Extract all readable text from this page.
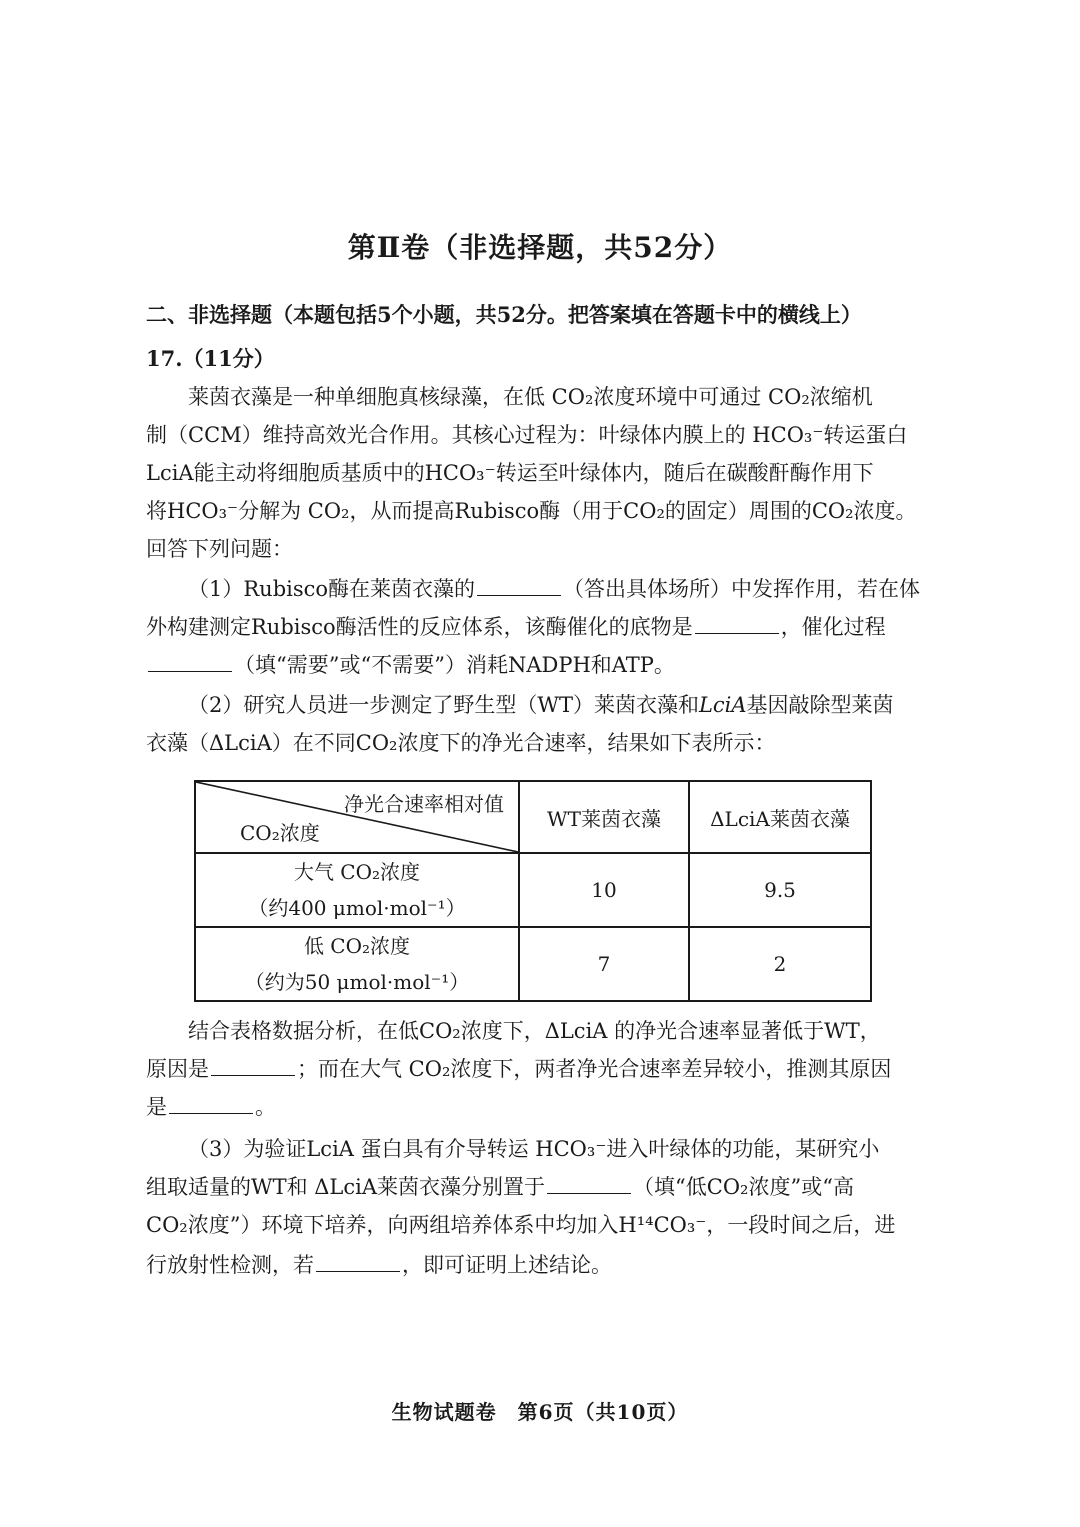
第Ⅱ卷（非选择题，共52分）
二、非选择题（本题包括5个小题，共52分。把答案填在答题卡中的横线上）
17.（11分）
莱茵衣藻是一种单细胞真核绿藻，在低 CO₂浓度环境中可通过 CO₂浓缩机
制（CCM）维持高效光合作用。其核心过程为：叶绿体内膜上的 HCO₃⁻转运蛋白
LciA能主动将细胞质基质中的HCO₃⁻转运至叶绿体内，随后在碳酸酐酶作用下
将HCO₃⁻分解为 CO₂，从而提高Rubisco酶（用于CO₂的固定）周围的CO₂浓度。
回答下列问题：
（1）Rubisco酶在莱茵衣藻的	（答出具体场所）中发挥作用，若在体
外构建测定Rubisco酶活性的反应体系，该酶催化的底物是	，催化过程
（填“需要”或“不需要”）消耗NADPH和ATP。
（2）研究人员进一步测定了野生型（WT）莱茵衣藻和LciA基因敲除型莱茵
衣藻（ΔLciA）在不同CO₂浓度下的净光合速率，结果如下表所示：
净光合速率相对值
CO₂浓度	WT莱茵衣藻	ΔLciA莱茵衣藻

大气 CO₂浓度
（约400 μmol·mol⁻¹）	10	9.5

低 CO₂浓度
（约为50 μmol·mol⁻¹）	7	2
结合表格数据分析，在低CO₂浓度下，ΔLciA 的净光合速率显著低于WT，
原因是	；而在大气 CO₂浓度下，两者净光合速率差异较小，推测其原因
是	。
（3）为验证LciA 蛋白具有介导转运 HCO₃⁻进入叶绿体的功能，某研究小
组取适量的WT和 ΔLciA莱茵衣藻分别置于	（填“低CO₂浓度”或“高
CO₂浓度”）环境下培养，向两组培养体系中均加入H¹⁴CO₃⁻，一段时间之后，进
行放射性检测，若	，即可证明上述结论。
生物试题卷　第6页（共10页）
